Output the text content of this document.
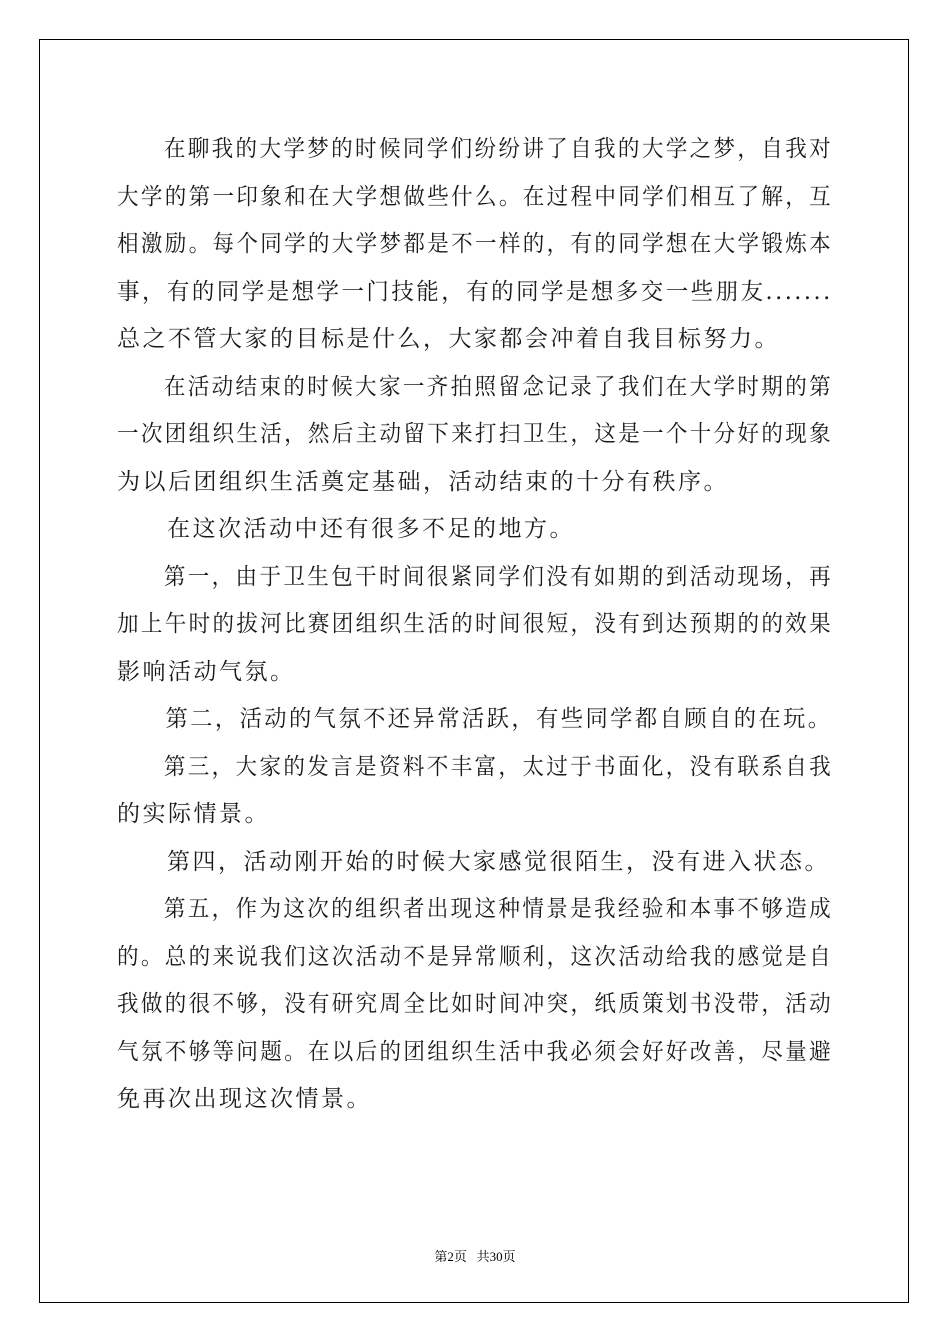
在聊我的大学梦的时候同学们纷纷讲了自我的大学之梦，自我对
大学的第一印象和在大学想做些什么。在过程中同学们相互了解，互
相激励。每个同学的大学梦都是不一样的，有的同学想在大学锻炼本
事，有的同学是想学一门技能，有的同学是想多交一些朋友.......
总之不管大家的目标是什么，大家都会冲着自我目标努力。
在活动结束的时候大家一齐拍照留念记录了我们在大学时期的第
一次团组织生活，然后主动留下来打扫卫生，这是一个十分好的现象
为以后团组织生活奠定基础，活动结束的十分有秩序。
在这次活动中还有很多不足的地方。
第一，由于卫生包干时间很紧同学们没有如期的到活动现场，再
加上午时的拔河比赛团组织生活的时间很短，没有到达预期的的效果
影响活动气氛。
第二，活动的气氛不还异常活跃，有些同学都自顾自的在玩。
第三，大家的发言是资料不丰富，太过于书面化，没有联系自我
的实际情景。
第四，活动刚开始的时候大家感觉很陌生，没有进入状态。
第五，作为这次的组织者出现这种情景是我经验和本事不够造成
的。总的来说我们这次活动不是异常顺利，这次活动给我的感觉是自
我做的很不够，没有研究周全比如时间冲突，纸质策划书没带，活动
气氛不够等问题。在以后的团组织生活中我必须会好好改善，尽量避
免再次出现这次情景。
第2页 共30页
